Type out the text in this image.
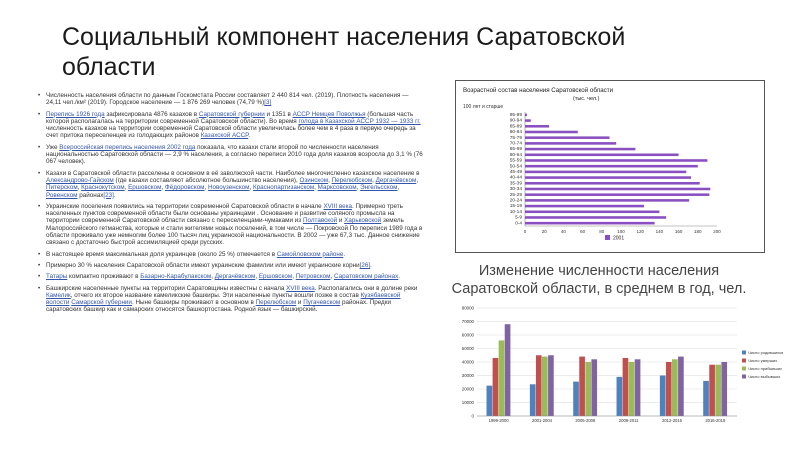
Социальный компонент населения Саратовской области
• Численность населения области по данным Госкомстата России составляет 2 440 814 чел. (2019). Плотность населения — 24,11 чел./км² (2019). Городское население — 1 876 269 человек (74,79 %)[3]
• Перепись 1926 года зафиксировала 4876 казахов в Саратовской губернии и 1351 в АССР Немцев Поволжья (большая часть которой располагалась на территории современной Саратовской области). Во время голода в Казахской АССР 1932 — 1933 гг. численность казахов на территории современной Саратовской области увеличилась более чем в 4 раза в первую очередь за счет притока переселенцев из голодающих районов Казахской АССР.
• Уже Всероссийская перепись населения 2002 года показала, что казахи стали второй по численности населения национальностью Саратовской области — 2,9 % населения, а согласно переписи 2010 года доля казахов возросла до 3,1 % (76 067 человек).
• Казахи в Саратовской области расселены в основном в её заволжской части. Наиболее многочисленно казахское население в Александрово-Гайском (где казахи составляют абсолютное большинство населения), Озинском, Перелюбском, Дергачёвском, Питерском, Краснокутском, Ершовском, Фёдоровском, Новоузенском, Краснопартизанском, Марксовском, Энгельсском, Ровенском районах[23].
• Украинские поселения появились на территории современной Саратовской области в начале XVIII века. Примерно треть населенных пунктов современной области были основаны украинцами . Основание и развитие соляного промысла на территории современной Саратовской области связано с переселенцами-чумаками из Полтавской и Харьковской земель Малороссийского гетманства, которые и стали жителями новых поселений, в том числе — Покровской По переписи 1989 года в области проживало уже немногим более 100 тысяч лиц украинской национальности. В 2002 — уже 67,3 тыс. Данное снижение связано с достаточно быстрой ассимиляцией среди русских.
• В настоящее время максимальная доля украинцев (около 25 %) отмечается в Самойловском районе.
• Примерно 30 % населения Саратовской области имеют украинские фамилии или имеют украинские корни[26].
• Татары компактно проживают в Базарно-Карабулакском, Дергачёвском, Ершовском, Петровском, Саратовском районах.
• Башкирские населенные пункты на территории Саратовщины известны с начала XVIII века. Располагались они в долине реки Камелик, отчего их второе название камеликские башкиры. Эти населенные пункты вошли позже в состав Кузябаевской волости Самарской губернии. Ныне башкиры проживают в основном в Перелюбском и Пугачевском районах. Предки саратовских башкир как и самарских относятся башкортостана. Родной язык — башкирский.
Возрастной состав населения Саратовской области
(тыс. чел.)
100 лет и старше
0-4
5-9
10-14
15-19
20-24
25-29
30-34
35-39
40-44
45-49
50-54
55-59
60-64
65-69
70-74
75-79
80-84
85-89
90-94
95-99
0	20	40	60	80	100	120	140	160	180	200
2001
Изменение численности населения Саратовской области, в среднем в год, чел.
0
10000
20000
30000
40000
50000
60000
70000
80000
1999-2000	2001-2004	2005-2008	2009-2011	2012-2015	2016-2019
Число родившихся
Число умерших
Число прибывших
Число выбывших
